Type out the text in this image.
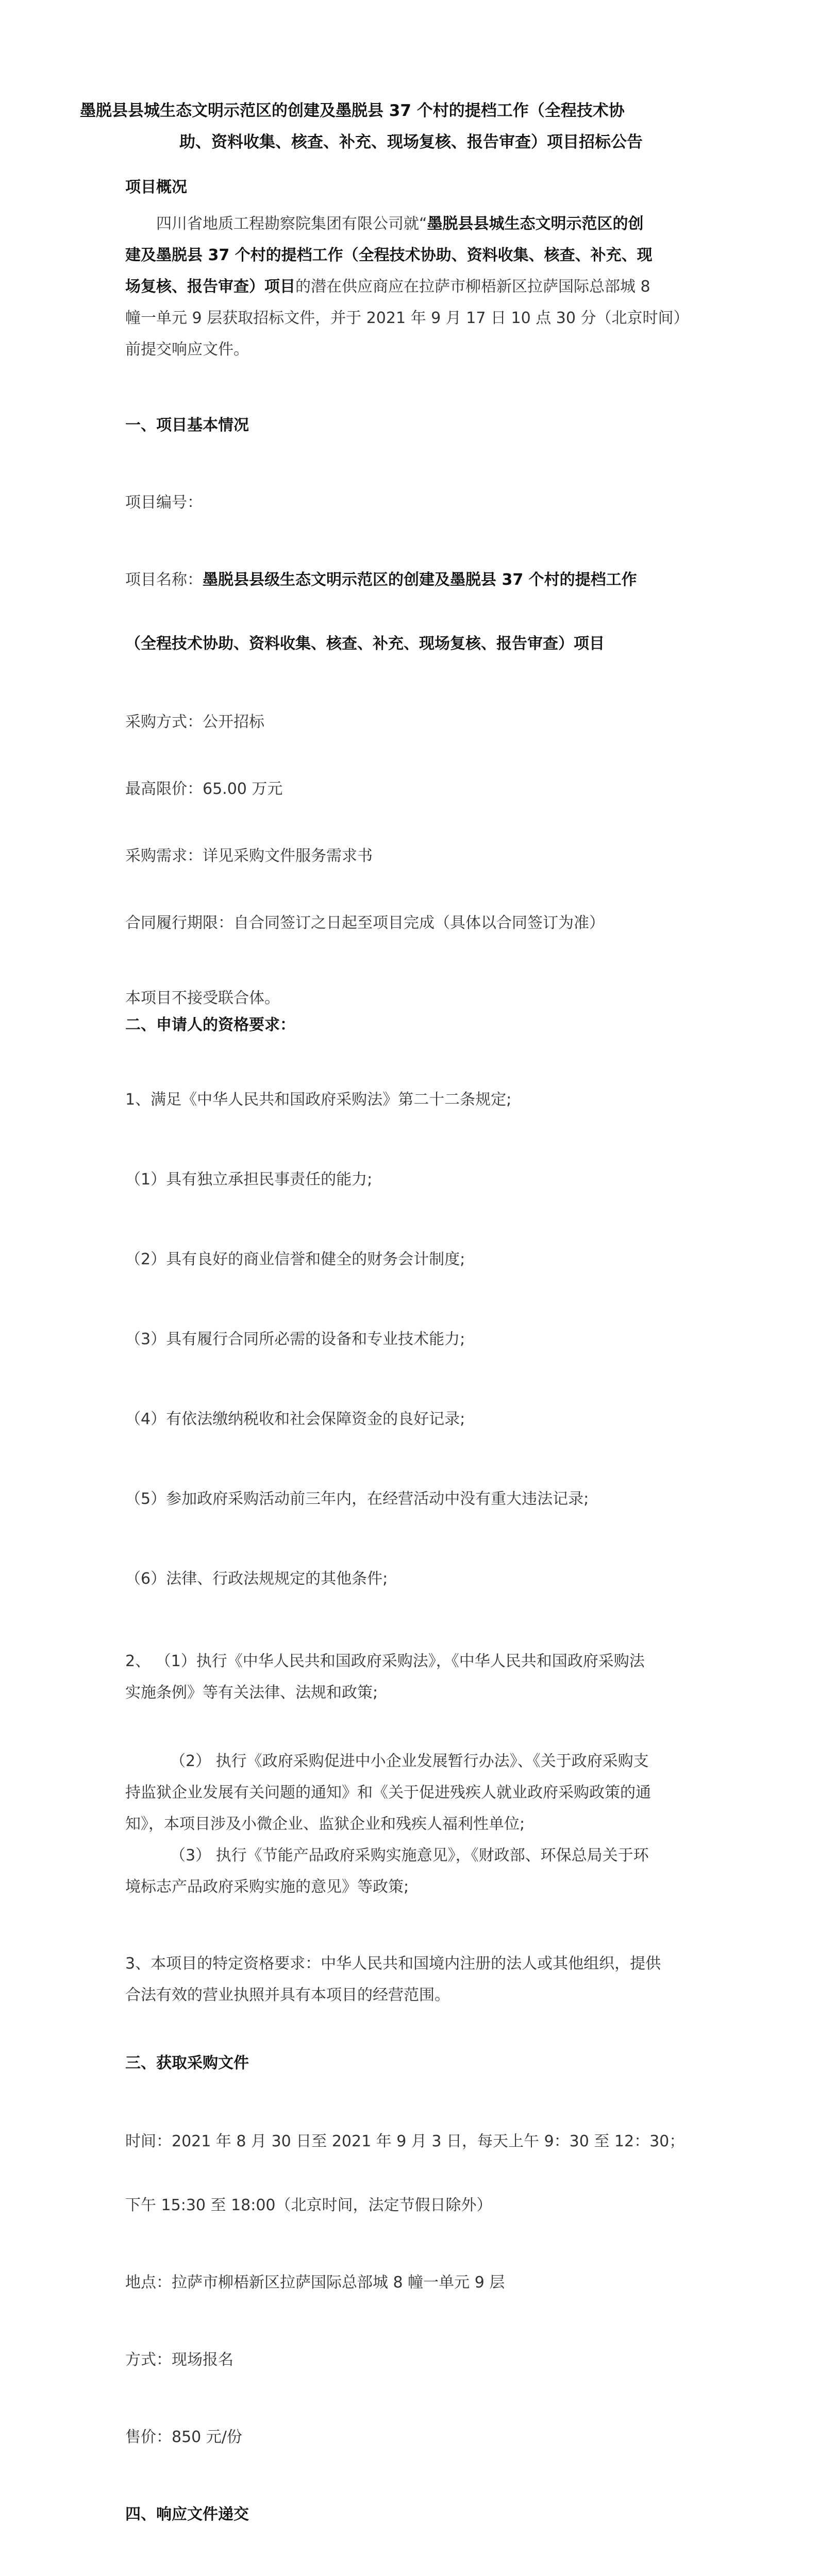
墨脱县县城生态文明示范区的创建及墨脱县 37 个村的提档工作（全程技术协
助、资料收集、核查、补充、现场复核、报告审查）项目招标公告
项目概况
四川省地质工程勘察院集团有限公司就“墨脱县县城生态文明示范区的创
建及墨脱县 37 个村的提档工作（全程技术协助、资料收集、核查、补充、现
场复核、报告审查）项目的潜在供应商应在拉萨市柳梧新区拉萨国际总部城 8
幢一单元 9 层获取招标文件，并于 2021 年 9 月 17 日 10 点 30 分（北京时间）
前提交响应文件。
一、项目基本情况
项目编号：
项目名称：墨脱县县级生态文明示范区的创建及墨脱县 37 个村的提档工作
（全程技术协助、资料收集、核查、补充、现场复核、报告审查）项目
采购方式：公开招标
最高限价：65.00 万元
采购需求：详见采购文件服务需求书
合同履行期限：自合同签订之日起至项目完成（具体以合同签订为准）
本项目不接受联合体。
二、申请人的资格要求：
1、满足《中华人民共和国政府采购法》第二十二条规定;
（1）具有独立承担民事责任的能力;
（2）具有良好的商业信誉和健全的财务会计制度;
（3）具有履行合同所必需的设备和专业技术能力;
（4）有依法缴纳税收和社会保障资金的良好记录;
（5）参加政府采购活动前三年内，在经营活动中没有重大违法记录;
（6）法律、行政法规规定的其他条件;
2、 （1）执行《中华人民共和国政府采购法》，《中华人民共和国政府采购法
实施条例》等有关法律、法规和政策;
（2） 执行《政府采购促进中小企业发展暂行办法》、《关于政府采购支
持监狱企业发展有关问题的通知》和《关于促进残疾人就业政府采购政策的通
知》，本项目涉及小微企业、监狱企业和残疾人福利性单位;
（3） 执行《节能产品政府采购实施意见》，《财政部、环保总局关于环
境标志产品政府采购实施的意见》等政策;
3、本项目的特定资格要求：中华人民共和国境内注册的法人或其他组织，提供
合法有效的营业执照并具有本项目的经营范围。
三、获取采购文件
时间：2021 年 8 月 30 日至 2021 年 9 月 3 日，每天上午 9：30 至 12：30；
下午 15:30 至 18:00（北京时间，法定节假日除外）
地点：拉萨市柳梧新区拉萨国际总部城 8 幢一单元 9 层
方式：现场报名
售价：850 元/份
四、响应文件递交
